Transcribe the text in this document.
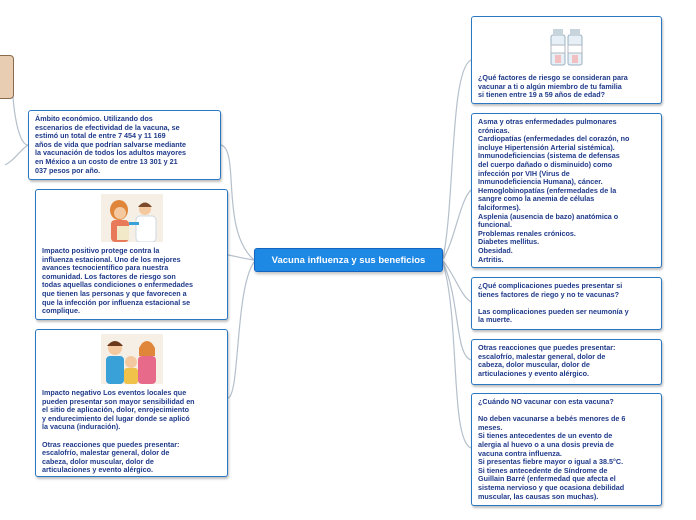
Vacuna influenza y sus beneficios
Ámbito económico. Utilizando dos
escenarios de efectividad de la vacuna, se
estimó un total de entre 7 454 y 11 169
años de vida que podrían salvarse mediante
la vacunación de todos los adultos mayores
en México a un costo de entre 13 301 y 21
037 pesos por año.
Impacto positivo protege contra la
influenza estacional. Uno de los mejores
avances tecnocientífico para nuestra
comunidad. Los factores de riesgo son
todas aquellas condiciones o enfermedades
que tienen las personas y que favorecen a
que la infección por influenza estacional se
complique.
Impacto negativo Los eventos locales que
pueden presentar son mayor sensibilidad en
el sitio de aplicación, dolor, enrojecimiento
y endurecimiento del lugar donde se aplicó
la vacuna (induración).

Otras reacciones que puedes presentar:
escalofrío, malestar general, dolor de
cabeza, dolor muscular, dolor de
articulaciones y evento alérgico.
¿Qué factores de riesgo se consideran para
vacunar a ti o algún miembro de tu familia
si tienen entre 19 a 59 años de edad?
Asma y otras enfermedades pulmonares
crónicas.
Cardiopatías (enfermedades del corazón, no
incluye Hipertensión Arterial sistémica).
Inmunodeficiencias (sistema de defensas
del cuerpo dañado o disminuido) como
infección por VIH (Virus de
Inmunodeficiencia Humana), cáncer.
Hemoglobinopatías (enfermedades de la
sangre como la anemia de células
falciformes).
Asplenia (ausencia de bazo) anatómica o
funcional.
Problemas renales crónicos.
Diabetes mellitus.
Obesidad.
Artritis.
¿Qué complicaciones puedes presentar si
tienes factores de riego y no te vacunas?

Las complicaciones pueden ser neumonía y
la muerte.
Otras reacciones que puedes presentar:
escalofrío, malestar general, dolor de
cabeza, dolor muscular, dolor de
articulaciones y evento alérgico.
¿Cuándo NO vacunar con esta vacuna?

No deben vacunarse a bebés menores de 6
meses.
Si tienes antecedentes de un evento de
alergia al huevo o a una dosis previa de
vacuna contra influenza.
Si presentas fiebre mayor o igual a 38.5°C.
Si tienes antecedente de Síndrome de
Guillain Barré (enfermedad que afecta el
sistema nervioso y que ocasiona debilidad
muscular, las causas son muchas).
